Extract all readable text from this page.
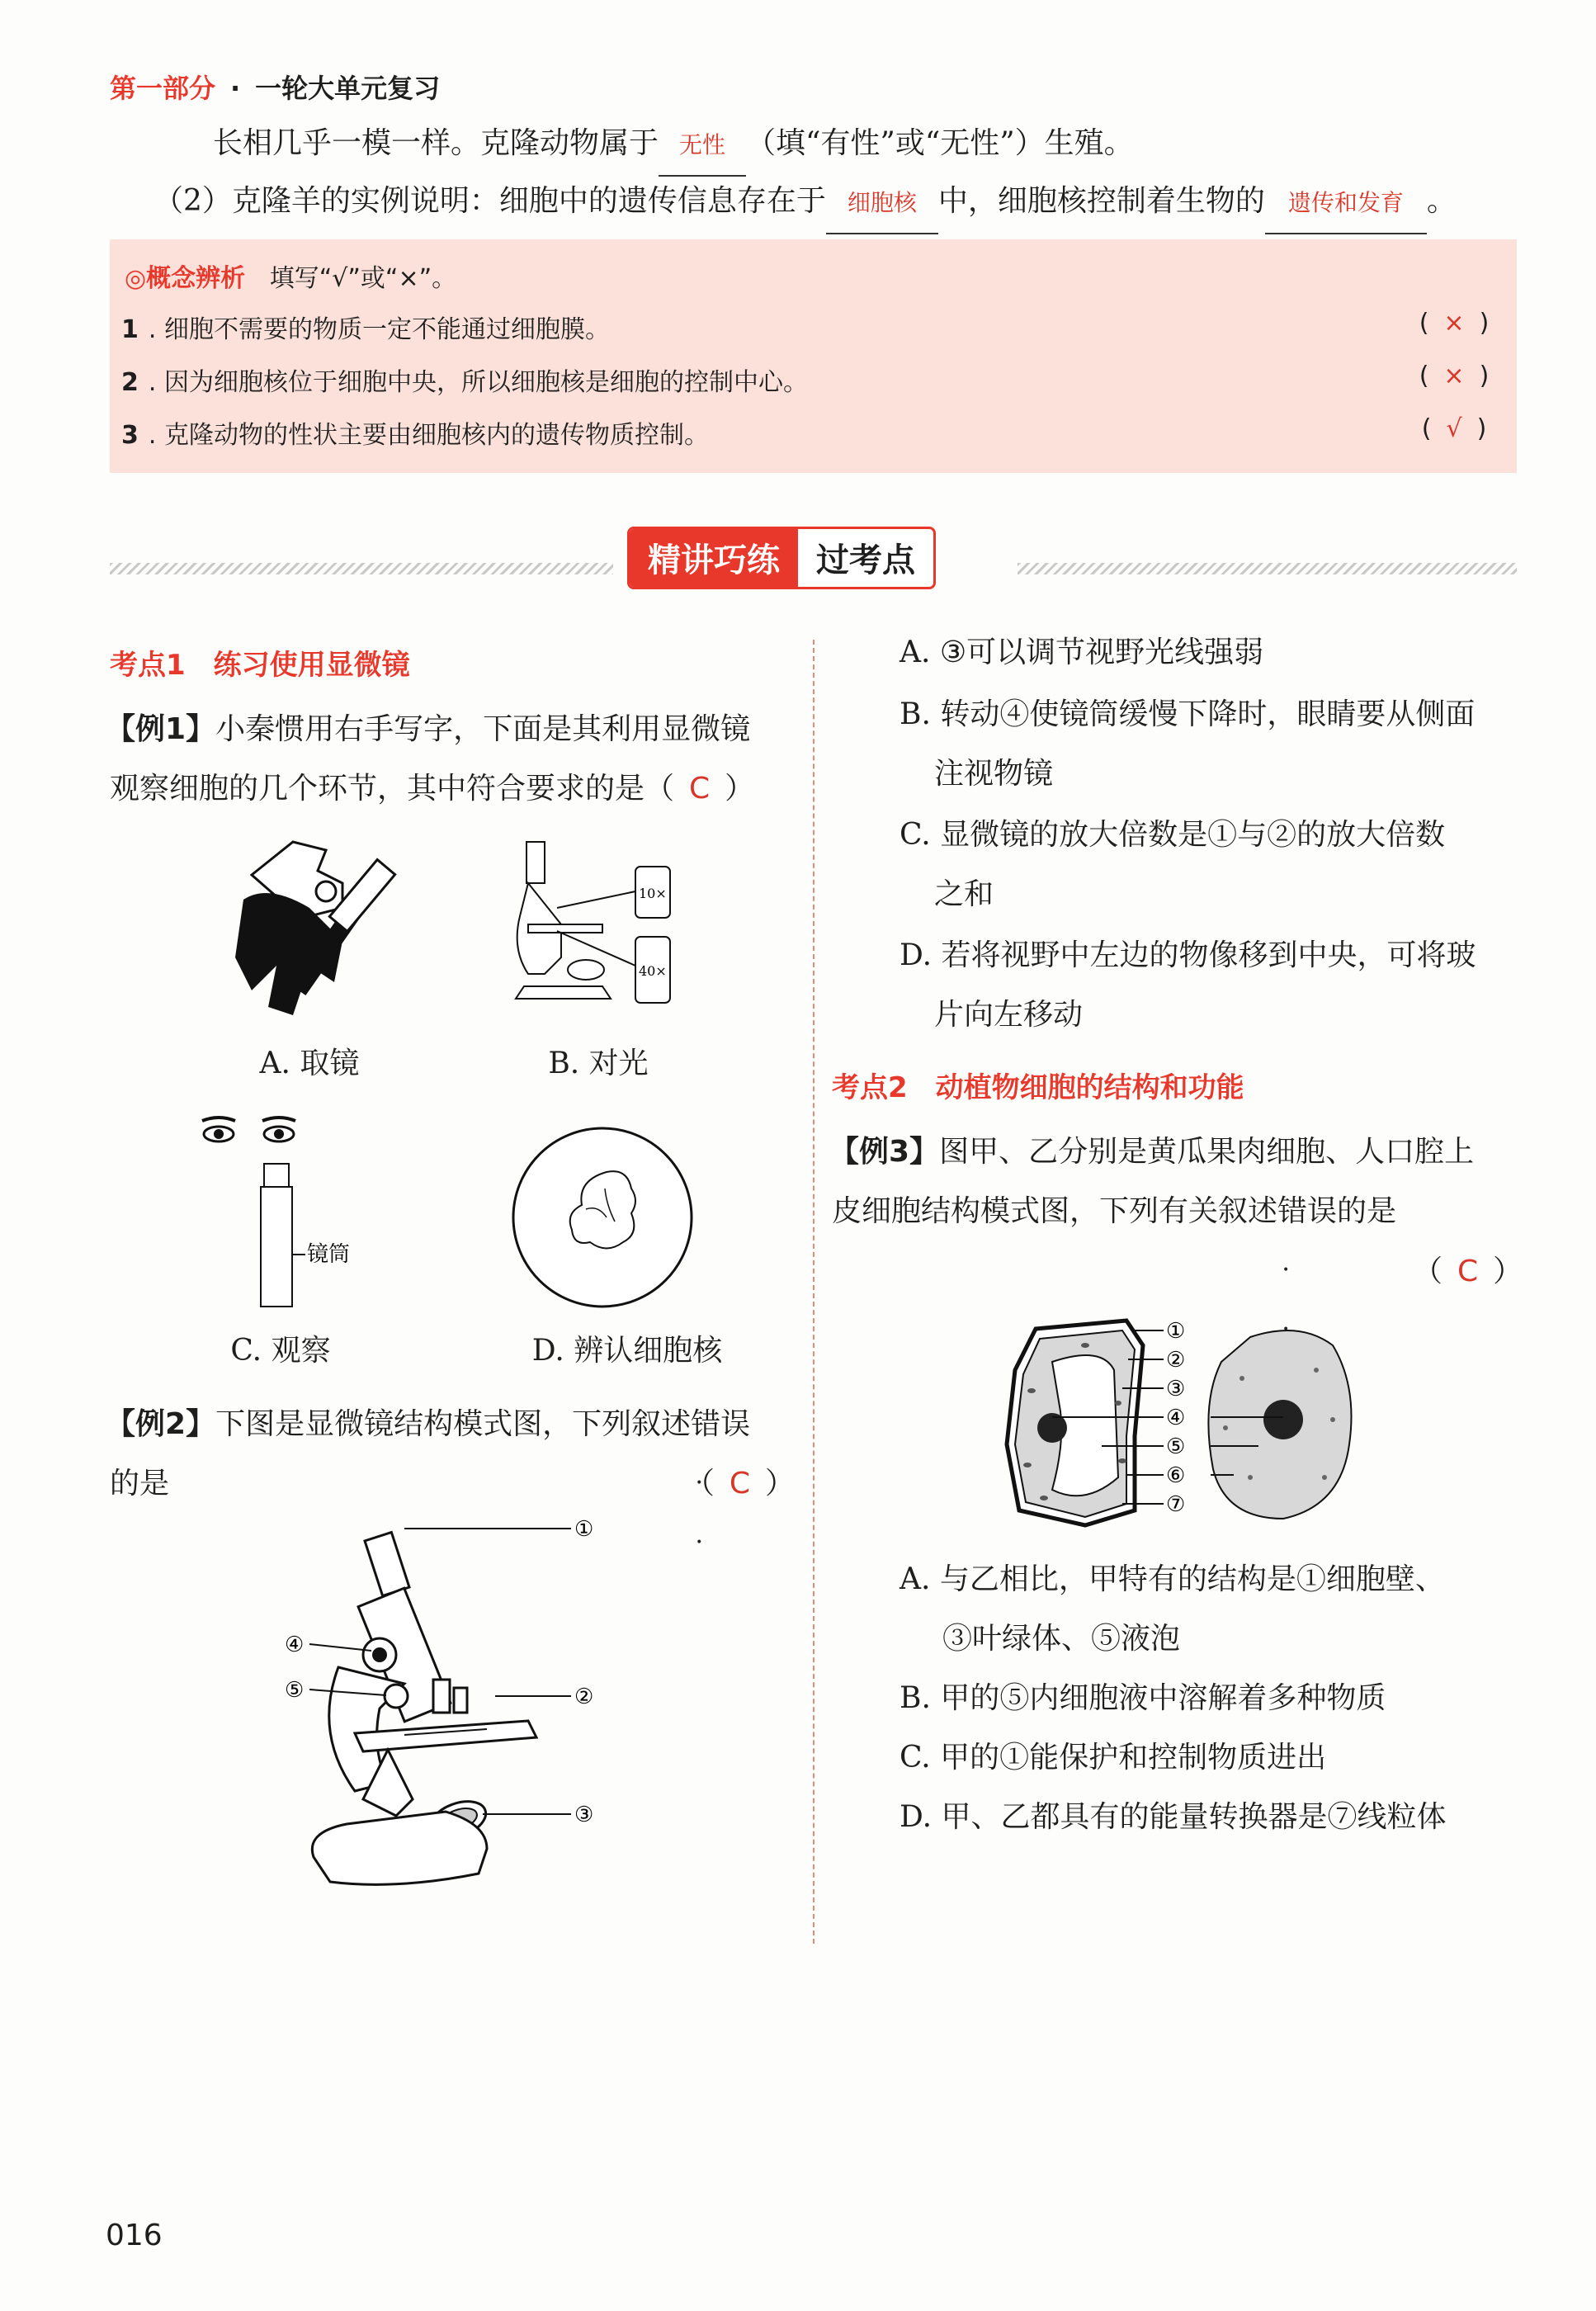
第一部分 · 一轮大单元复习
长相几乎一模一样。克隆动物属于 无性 （填“有性”或“无性”）生殖。
（2）克隆羊的实例说明：细胞中的遗传信息存在于 细胞核 中，细胞核控制着生物的 遗传和发育 。
◎概念辨析 填写“√”或“×”。
1 . 细胞不需要的物质一定不能通过细胞膜。	( × )
2 . 因为细胞核位于细胞中央，所以细胞核是细胞的控制中心。	( × )
3 . 克隆动物的性状主要由细胞核内的遗传物质控制。	( √ )
精讲巧练	过考点
考点1 练习使用显微镜
【例1】小秦惯用右手写字，下面是其利用显微镜
观察细胞的几个环节，其中符合要求的是（ C ）
10×
40×
A. 取镜	B. 对光
镜筒
C. 观察	D. 辨认细胞核
【例2】下图是显微镜结构模式图，下列叙述错误 • •
的是	（ C ）
①
②
③
④
⑤
A. ③可以调节视野光线强弱
B. 转动④使镜筒缓慢下降时，眼睛要从侧面
注视物镜
C. 显微镜的放大倍数是①与②的放大倍数
之和
D. 若将视野中左边的物像移到中央，可将玻
片向左移动
考点2 动植物细胞的结构和功能
【例3】图甲、乙分别是黄瓜果肉细胞、人口腔上
皮细胞结构模式图，下列有关叙述错误 • •的是
（ C ）
①
②
③
④
⑤
⑥
⑦
A. 与乙相比，甲特有的结构是①细胞壁、
③叶绿体、⑤液泡
B. 甲的⑤内细胞液中溶解着多种物质
C. 甲的①能保护和控制物质进出
D. 甲、乙都具有的能量转换器是⑦线粒体
016
